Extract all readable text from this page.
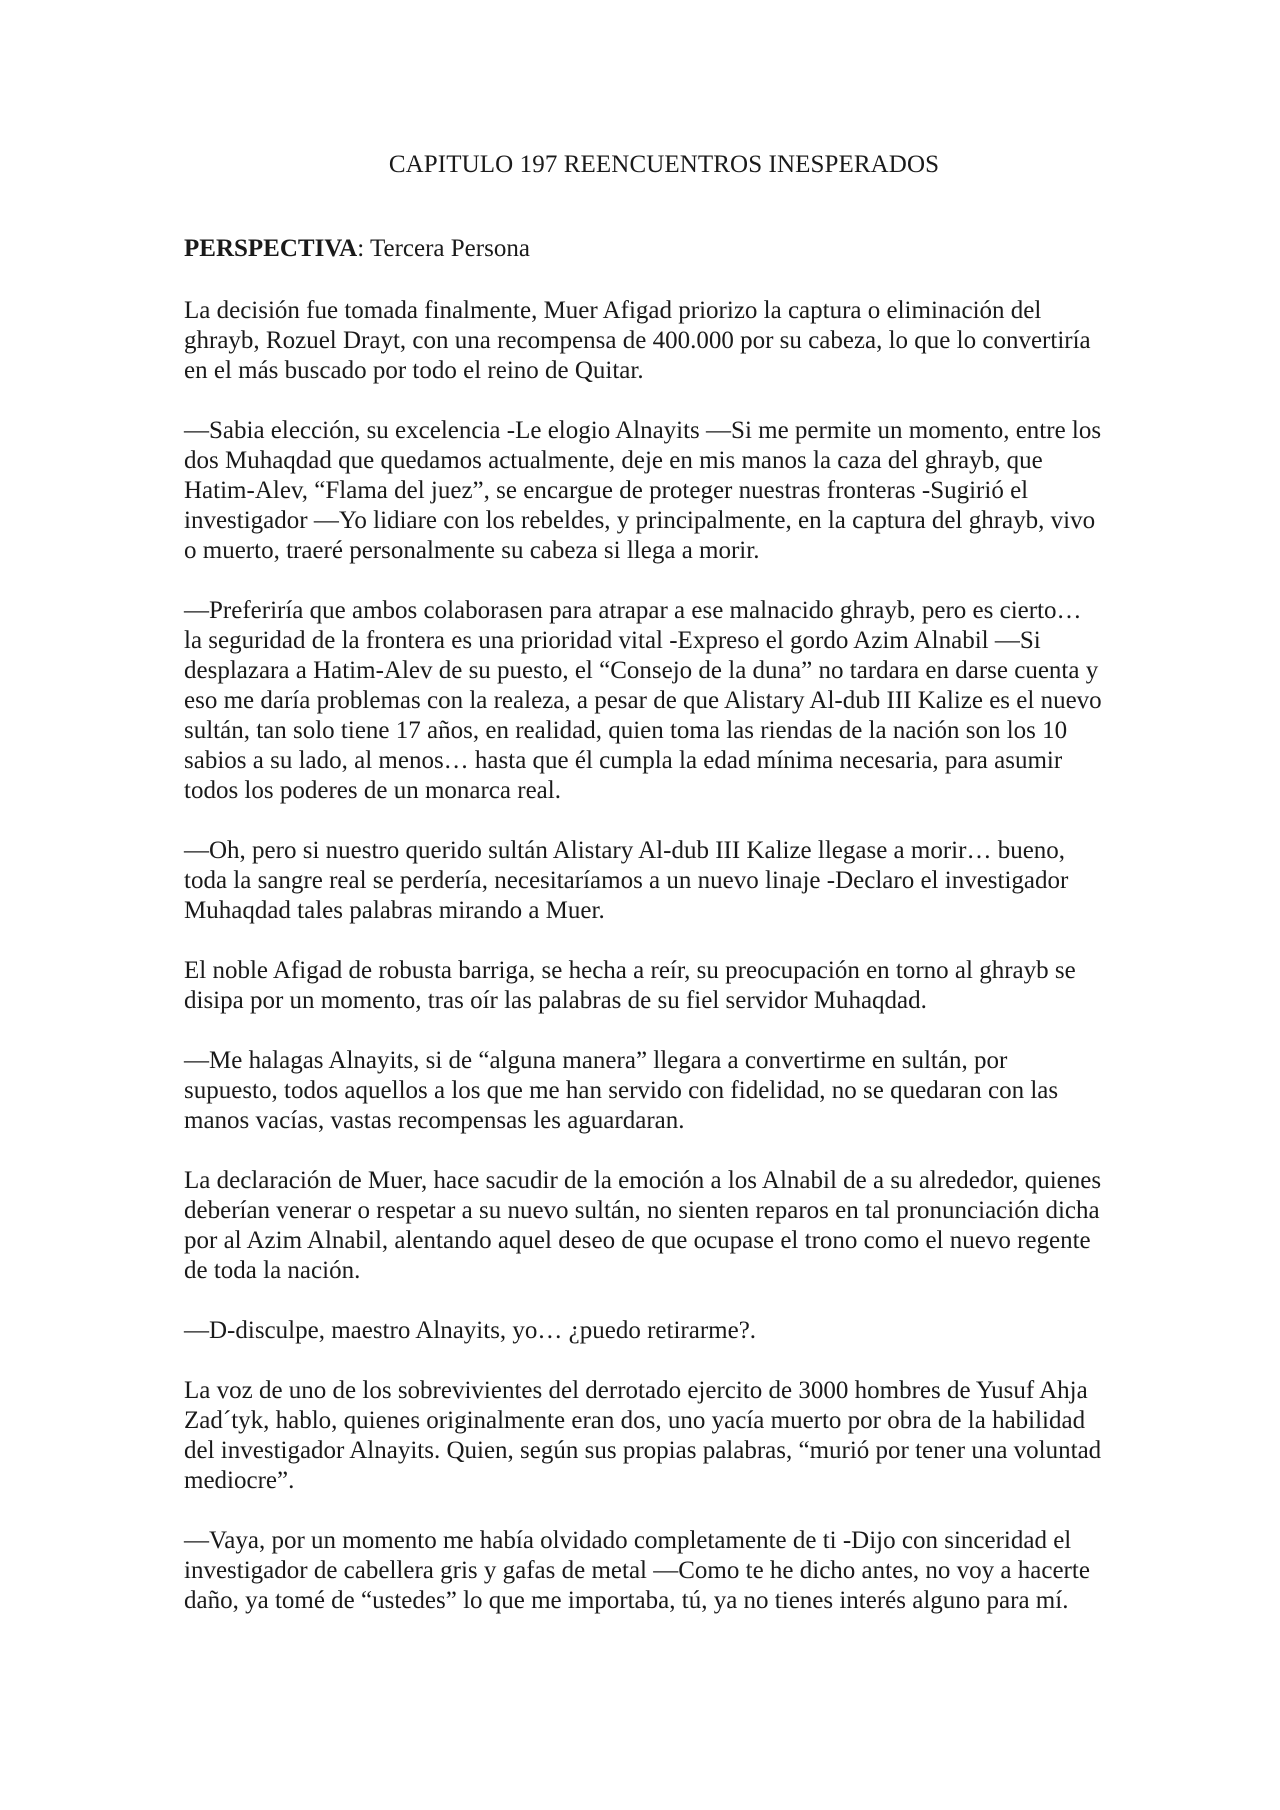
CAPITULO 197 REENCUENTROS INESPERADOS
PERSPECTIVA: Tercera Persona

La decisión fue tomada finalmente, Muer Afigad priorizo la captura o eliminación del ghrayb, Rozuel Drayt, con una recompensa de 400.000 por su cabeza, lo que lo convertiría en el más buscado por todo el reino de Quitar.

—Sabia elección, su excelencia -Le elogio Alnayits —Si me permite un momento, entre los dos Muhaqdad que quedamos actualmente, deje en mis manos la caza del ghrayb, que Hatim-Alev, “Flama del juez”, se encargue de proteger nuestras fronteras -Sugirió el investigador —Yo lidiare con los rebeldes, y principalmente, en la captura del ghrayb, vivo o muerto, traeré personalmente su cabeza si llega a morir.

—Preferiría que ambos colaborasen para atrapar a ese malnacido ghrayb, pero es cierto… la seguridad de la frontera es una prioridad vital -Expreso el gordo Azim Alnabil —Si desplazara a Hatim-Alev de su puesto, el “Consejo de la duna” no tardara en darse cuenta y eso me daría problemas con la realeza, a pesar de que Alistary Al-dub III Kalize es el nuevo sultán, tan solo tiene 17 años, en realidad, quien toma las riendas de la nación son los 10 sabios a su lado, al menos… hasta que él cumpla la edad mínima necesaria, para asumir todos los poderes de un monarca real.

—Oh, pero si nuestro querido sultán Alistary Al-dub III Kalize llegase a morir… bueno, toda la sangre real se perdería, necesitaríamos a un nuevo linaje -Declaro el investigador Muhaqdad tales palabras mirando a Muer.

El noble Afigad de robusta barriga, se hecha a reír, su preocupación en torno al ghrayb se disipa por un momento, tras oír las palabras de su fiel servidor Muhaqdad.

—Me halagas Alnayits, si de “alguna manera” llegara a convertirme en sultán, por supuesto, todos aquellos a los que me han servido con fidelidad, no se quedaran con las manos vacías, vastas recompensas les aguardaran.

La declaración de Muer, hace sacudir de la emoción a los Alnabil de a su alrededor, quienes deberían venerar o respetar a su nuevo sultán, no sienten reparos en tal pronunciación dicha por al Azim Alnabil, alentando aquel deseo de que ocupase el trono como el nuevo regente de toda la nación.

—D-disculpe, maestro Alnayits, yo… ¿puedo retirarme?.

La voz de uno de los sobrevivientes del derrotado ejercito de 3000 hombres de Yusuf Ahja Zad´tyk, hablo, quienes originalmente eran dos, uno yacía muerto por obra de la habilidad del investigador Alnayits. Quien, según sus propias palabras, “murió por tener una voluntad mediocre”.

—Vaya, por un momento me había olvidado completamente de ti -Dijo con sinceridad el investigador de cabellera gris y gafas de metal —Como te he dicho antes, no voy a hacerte daño, ya tomé de “ustedes” lo que me importaba, tú, ya no tienes interés alguno para mí.
